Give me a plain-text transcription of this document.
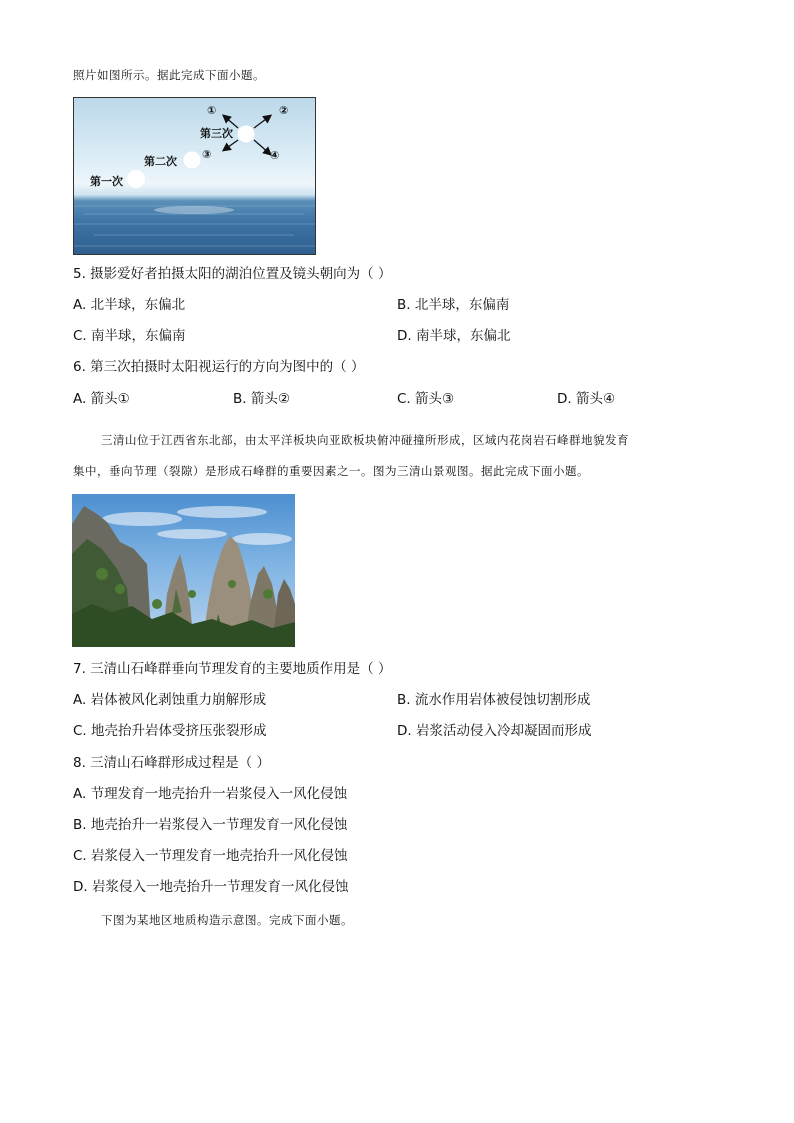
照片如图所示。据此完成下面小题。
①	②
第三次
③	④
第二次
第一次
5. 摄影爱好者拍摄太阳的湖泊位置及镜头朝向为（ ）
A. 北半球，东偏北	B. 北半球，东偏南
C. 南半球，东偏南	D. 南半球，东偏北
6. 第三次拍摄时太阳视运行的方向为图中的（ ）
A. 箭头①	B. 箭头②	C. 箭头③	D. 箭头④
三清山位于江西省东北部，由太平洋板块向亚欧板块俯冲碰撞所形成，区域内花岗岩石峰群地貌发育
集中，垂向节理（裂隙）是形成石峰群的重要因素之一。图为三清山景观图。据此完成下面小题。
7. 三清山石峰群垂向节理发育的主要地质作用是（ ）
A. 岩体被风化剥蚀重力崩解形成	B. 流水作用岩体被侵蚀切割形成
C. 地壳抬升岩体受挤压张裂形成	D. 岩浆活动侵入冷却凝固而形成
8. 三清山石峰群形成过程是（ ）
A. 节理发育一地壳抬升一岩浆侵入一风化侵蚀
B. 地壳抬升一岩浆侵入一节理发育一风化侵蚀
C. 岩浆侵入一节理发育一地壳抬升一风化侵蚀
D. 岩浆侵入一地壳抬升一节理发育一风化侵蚀
下图为某地区地质构造示意图。完成下面小题。
